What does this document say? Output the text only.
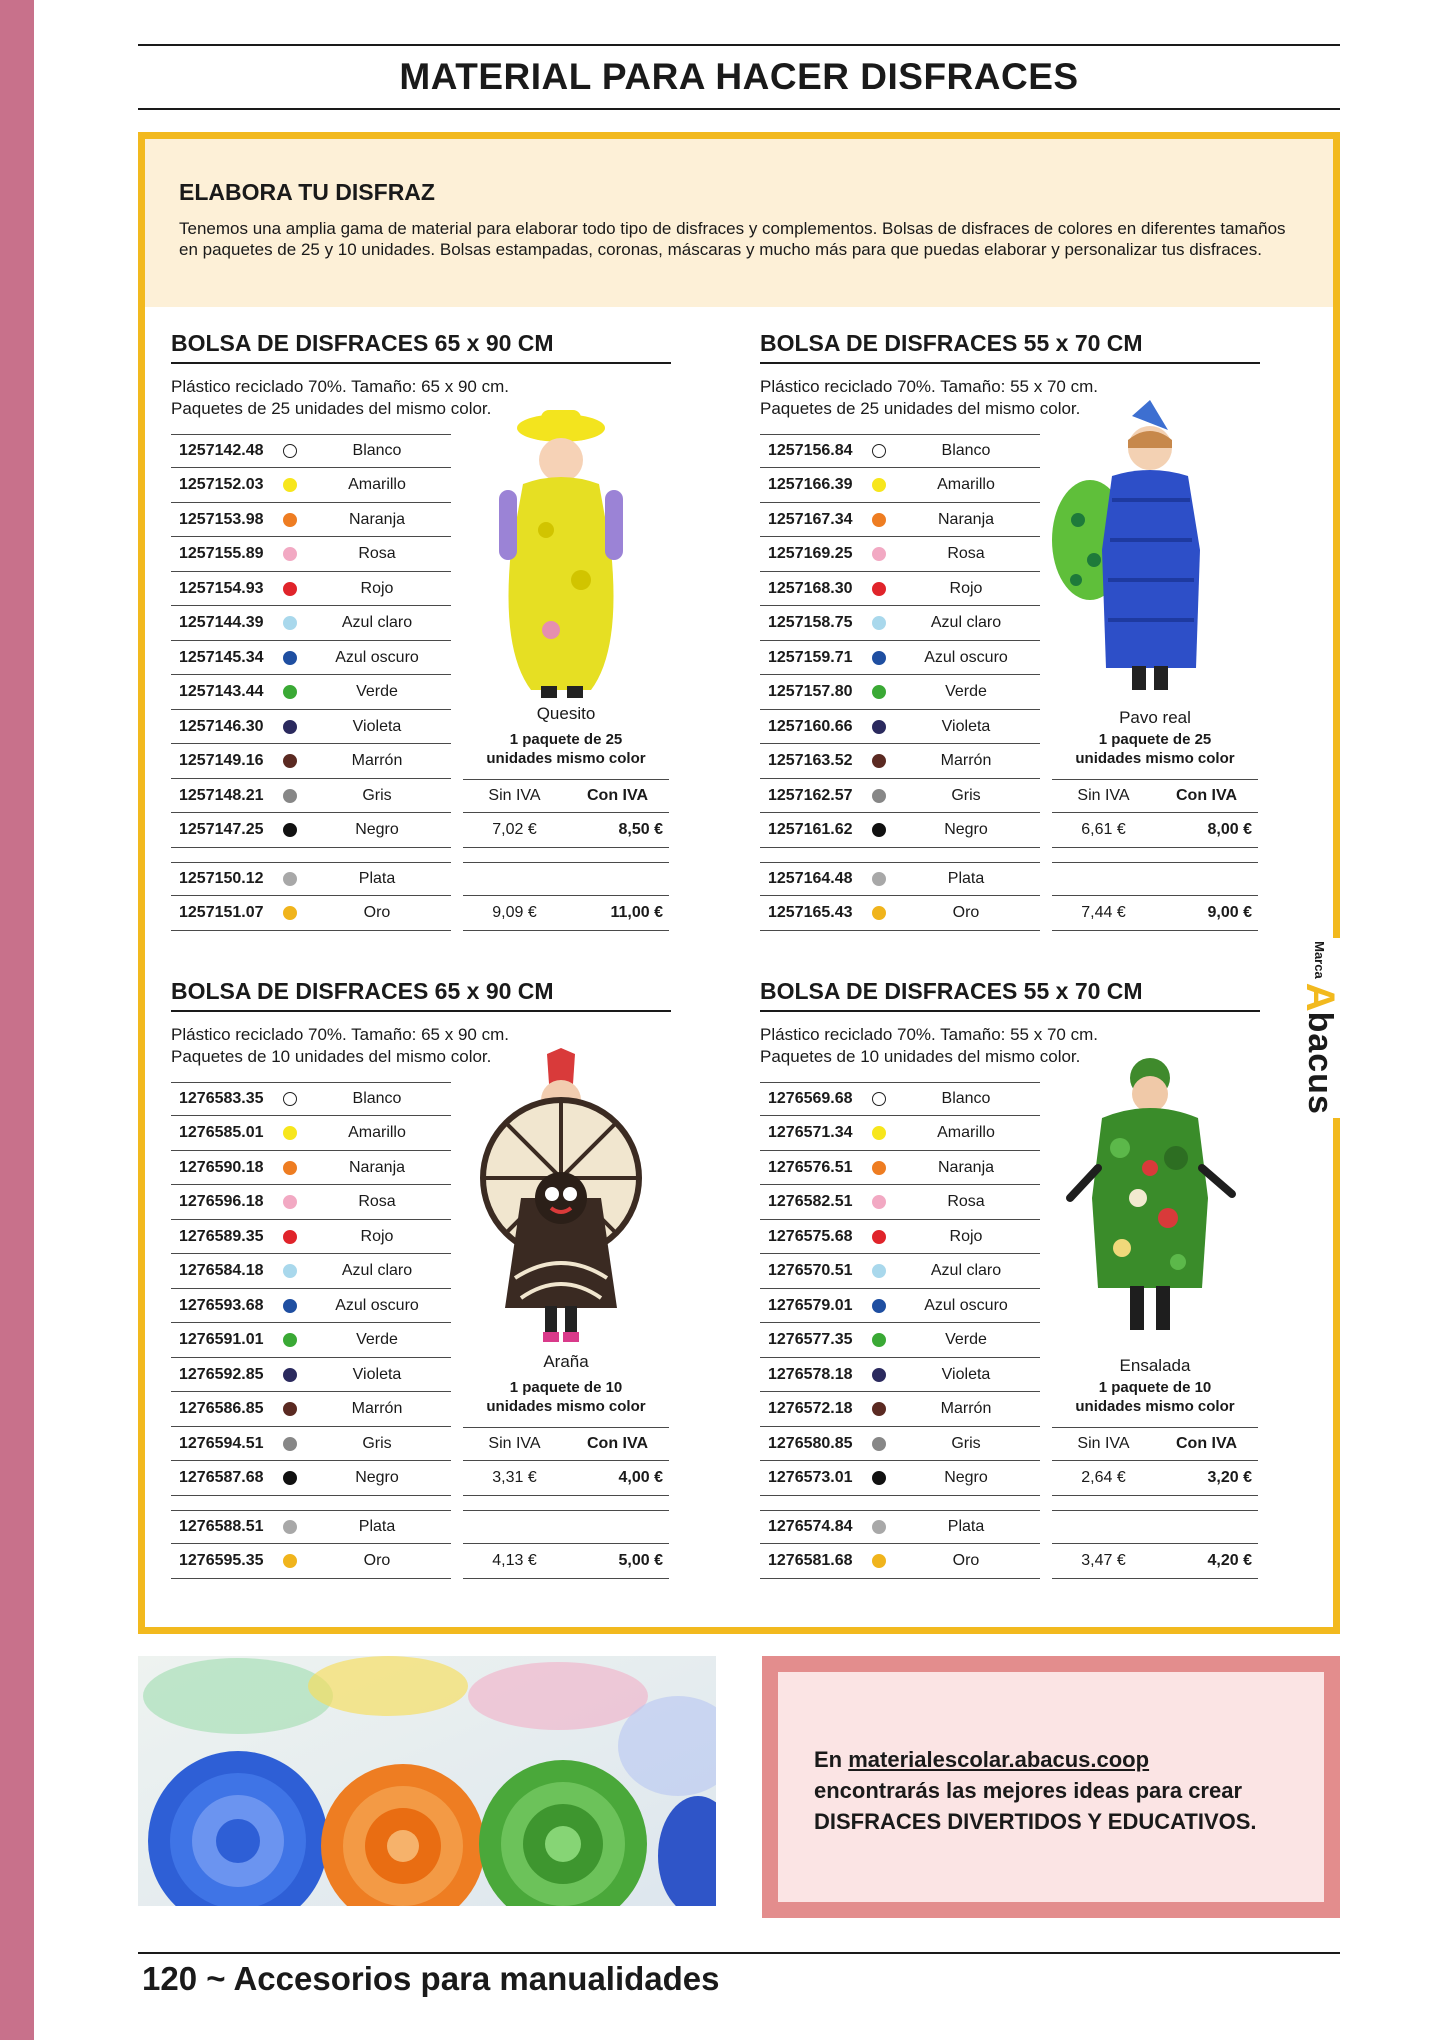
MATERIAL PARA HACER DISFRACES
ELABORA TU DISFRAZ
Tenemos una amplia gama de material para elaborar todo tipo de disfraces y complementos. Bolsas de disfraces de colores en diferentes tamaños en paquetes de 25 y 10 unidades. Bolsas estampadas, coronas, máscaras y mucho más para que puedas elaborar y personalizar tus disfraces.
Marca
A
bacus
BOLSA DE DISFRACES 65 x 90 CM
Plástico reciclado 70%. Tamaño: 65 x 90 cm.
Paquetes de 25 unidades del mismo color.
1257142.48	Blanco
1257152.03	Amarillo
1257153.98	Naranja
1257155.89	Rosa
1257154.93	Rojo
1257144.39	Azul claro
1257145.34	Azul oscuro
1257143.44	Verde
1257146.30	Violeta
1257149.16	Marrón
1257148.21	Gris
1257147.25	Negro
1257150.12	Plata
1257151.07	Oro
Quesito
1 paquete de 25
unidades mismo color
Sin IVA	Con IVA
7,02 €	8,50 €
9,09 €	11,00 €
BOLSA DE DISFRACES 55 x 70 CM
Plástico reciclado 70%. Tamaño: 55 x 70 cm.
Paquetes de 25 unidades del mismo color.
1257156.84	Blanco
1257166.39	Amarillo
1257167.34	Naranja
1257169.25	Rosa
1257168.30	Rojo
1257158.75	Azul claro
1257159.71	Azul oscuro
1257157.80	Verde
1257160.66	Violeta
1257163.52	Marrón
1257162.57	Gris
1257161.62	Negro
1257164.48	Plata
1257165.43	Oro
Pavo real
1 paquete de 25
unidades mismo color
Sin IVA	Con IVA
6,61 €	8,00 €
7,44 €	9,00 €
BOLSA DE DISFRACES 65 x 90 CM
Plástico reciclado 70%. Tamaño: 65 x 90 cm.
Paquetes de 10 unidades del mismo color.
1276583.35	Blanco
1276585.01	Amarillo
1276590.18	Naranja
1276596.18	Rosa
1276589.35	Rojo
1276584.18	Azul claro
1276593.68	Azul oscuro
1276591.01	Verde
1276592.85	Violeta
1276586.85	Marrón
1276594.51	Gris
1276587.68	Negro
1276588.51	Plata
1276595.35	Oro
Araña
1 paquete de 10
unidades mismo color
Sin IVA	Con IVA
3,31 €	4,00 €
4,13 €	5,00 €
BOLSA DE DISFRACES 55 x 70 CM
Plástico reciclado 70%. Tamaño: 55 x 70 cm.
Paquetes de 10 unidades del mismo color.
1276569.68	Blanco
1276571.34	Amarillo
1276576.51	Naranja
1276582.51	Rosa
1276575.68	Rojo
1276570.51	Azul claro
1276579.01	Azul oscuro
1276577.35	Verde
1276578.18	Violeta
1276572.18	Marrón
1276580.85	Gris
1276573.01	Negro
1276574.84	Plata
1276581.68	Oro
Ensalada
1 paquete de 10
unidades mismo color
Sin IVA	Con IVA
2,64 €	3,20 €
3,47 €	4,20 €
En materialescolar.abacus.coop
encontrarás las mejores ideas para crear
DISFRACES DIVERTIDOS Y EDUCATIVOS.
120 ~ Accesorios para manualidades
